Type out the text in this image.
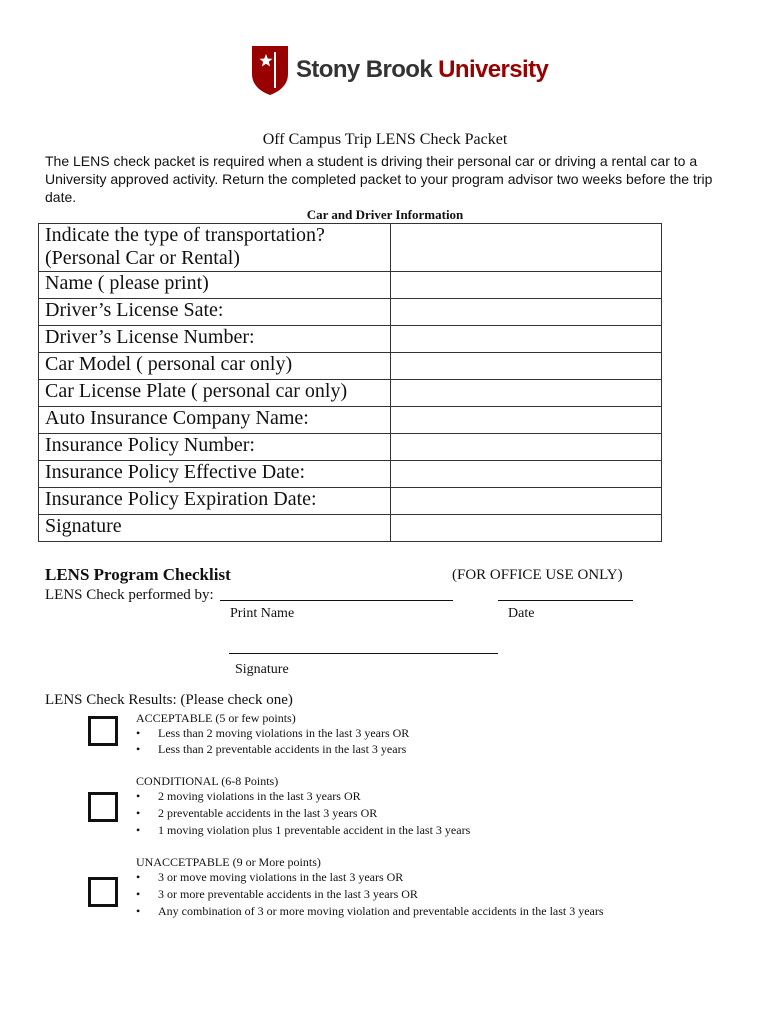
Stony Brook University
Off Campus Trip LENS Check Packet
The LENS check packet is required when a student is driving their personal car or driving a rental car to a University approved activity. Return the completed packet to your program advisor two weeks before the trip date.
Car and Driver Information
Indicate the type of transportation? (Personal Car or Rental)	
Name ( please print)	
Driver’s License Sate:	
Driver’s License Number:	
Car Model ( personal car only)	
Car License Plate ( personal car only)	
Auto Insurance Company Name:	
Insurance Policy Number:	
Insurance Policy Effective Date:	
Insurance Policy Expiration Date:	
Signature	
LENS Program Checklist	(FOR OFFICE USE ONLY)
LENS Check performed by:
Print Name	Date
Signature
LENS Check Results: (Please check one)
ACCEPTABLE (5 or few points)
• Less than 2 moving violations in the last 3 years OR
• Less than 2 preventable accidents in the last 3 years
CONDITIONAL (6-8 Points)
• 2 moving violations in the last 3 years OR
• 2 preventable accidents in the last 3 years OR
• 1 moving violation plus 1 preventable accident in the last 3 years
UNACCETPABLE (9 or More points)
• 3 or move moving violations in the last 3 years OR
• 3 or more preventable accidents in the last 3 years OR
• Any combination of 3 or more moving violation and preventable accidents in the last 3 years
